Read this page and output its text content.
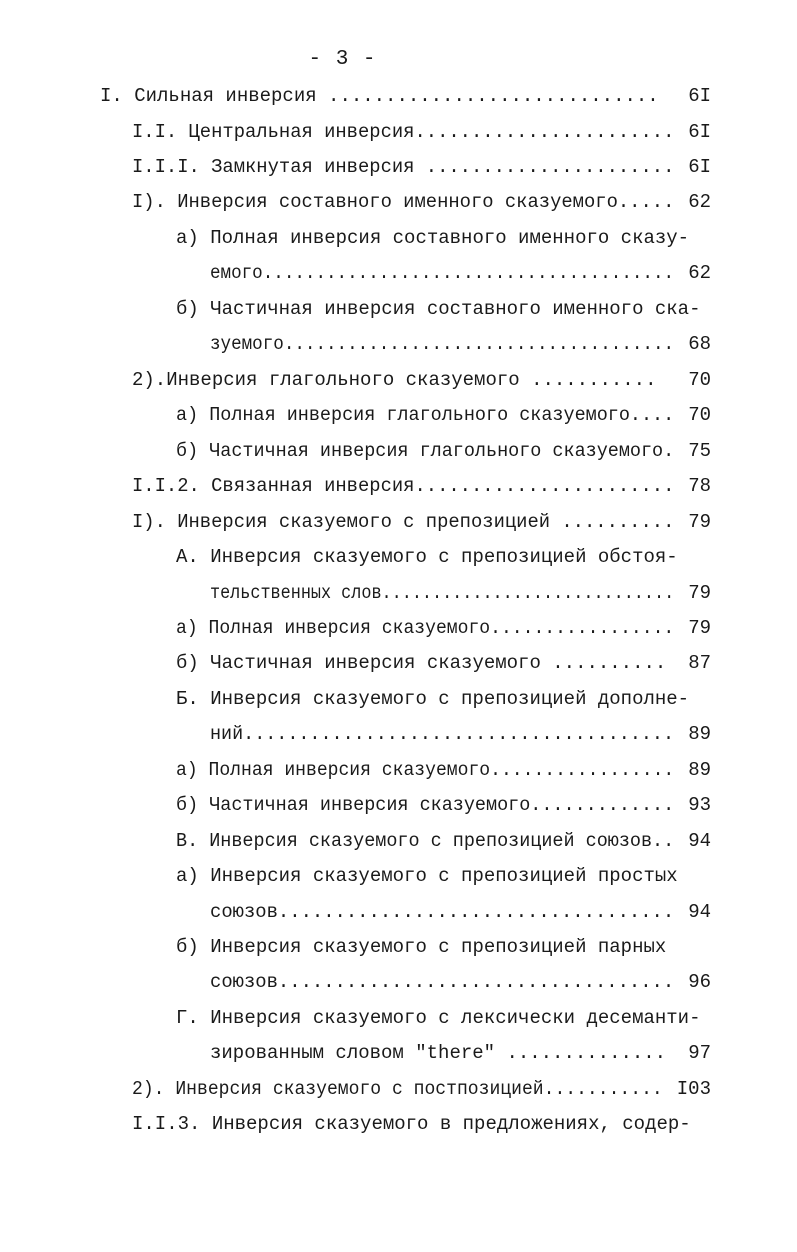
- 3 -
I. Сильная инверсия ............................. 6I
I.I. Центральная инверсия....................... 6I
I.I.I. Замкнутая инверсия ...................... 6I
I). Инверсия составного именного сказуемого..... 62
а) Полная инверсия составного именного сказу-
емого....................................... 62
б) Частичная инверсия составного именного ска-
зуемого..................................... 68
2).Инверсия глагольного сказуемого ........... 70
а) Полная инверсия глагольного сказуемого.... 70
б) Частичная инверсия глагольного сказуемого. 75
I.I.2. Связанная инверсия....................... 78
I). Инверсия сказуемого с препозицией .......... 79
А. Инверсия сказуемого с препозицией обстоя-
тельственных слов............................. 79
а) Полная инверсия сказуемого................. 79
б) Частичная инверсия сказуемого .......... 87
Б. Инверсия сказуемого с препозицией дополне-
ний....................................... 89
а) Полная инверсия сказуемого................. 89
б) Частичная инверсия сказуемого............. 93
В. Инверсия сказуемого с препозицией союзов.. 94
а) Инверсия сказуемого с препозицией простых
союзов................................... 94
б) Инверсия сказуемого с препозицией парных
союзов................................... 96
Г. Инверсия сказуемого с лексически десеманти-
зированным словом "there" .............. 97
2). Инверсия сказуемого с постпозицией........... I03
I.I.3. Инверсия сказуемого в предложениях, содер-
